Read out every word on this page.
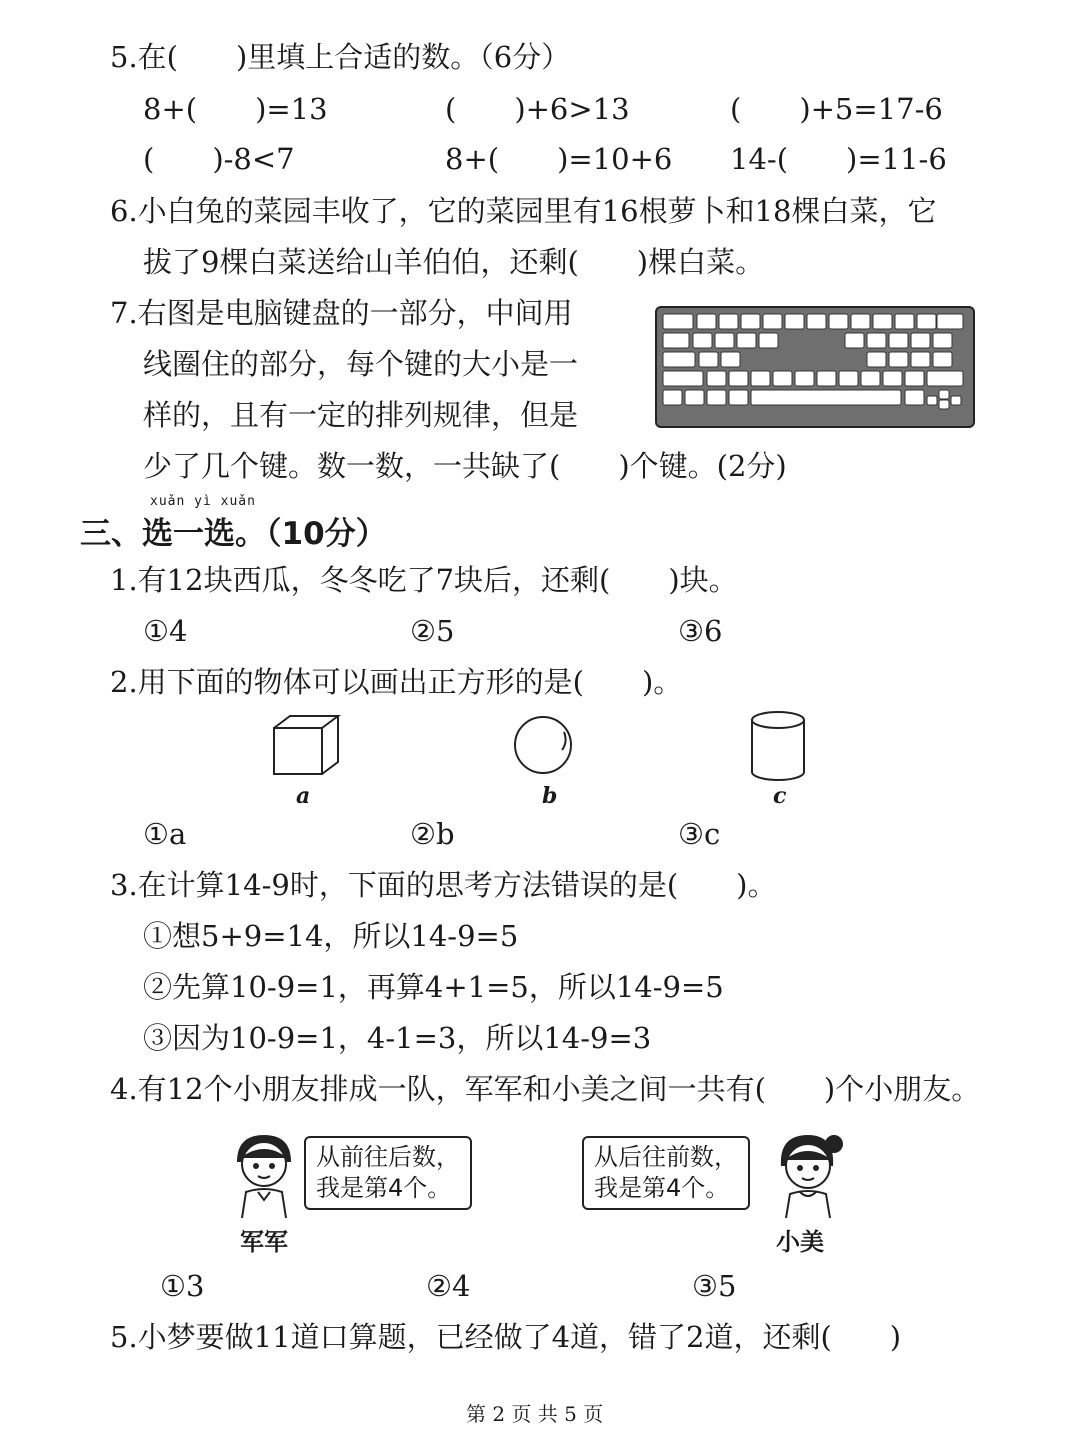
5.在(　　)里填上合适的数。（6分）
8+(　　)=13	(　　)+6>13	(　　)+5=17-6
(　　)-8<7	8+(　　)=10+6 14-(　　)=11-6
6.小白兔的菜园丰收了，它的菜园里有16根萝卜和18棵白菜，它
拔了9棵白菜送给山羊伯伯，还剩(　　)棵白菜。
7.右图是电脑键盘的一部分，中间用
线圈住的部分，每个键的大小是一
样的，且有一定的排列规律，但是
少了几个键。数一数，一共缺了(　　)个键。(2分)
xuǎn yì xuǎn
三、选一选。（10分）
1.有12块西瓜，冬冬吃了7块后，还剩(　　)块。
①4	②5	③6
2.用下面的物体可以画出正方形的是(　　)。
a	b	c
①a	②b	③c
3.在计算14-9时，下面的思考方法错误的是(　　)。
①想5+9=14，所以14-9=5
②先算10-9=1，再算4+1=5，所以14-9=5
③因为10-9=1，4-1=3，所以14-9=3
4.有12个小朋友排成一队，军军和小美之间一共有(　　)个小朋友。
从前往后数，
我是第4个。
军军
从后往前数，
我是第4个。
小美
①3	②4	③5
5.小梦要做11道口算题，已经做了4道，错了2道，还剩(　　)
第 2 页 共 5 页
